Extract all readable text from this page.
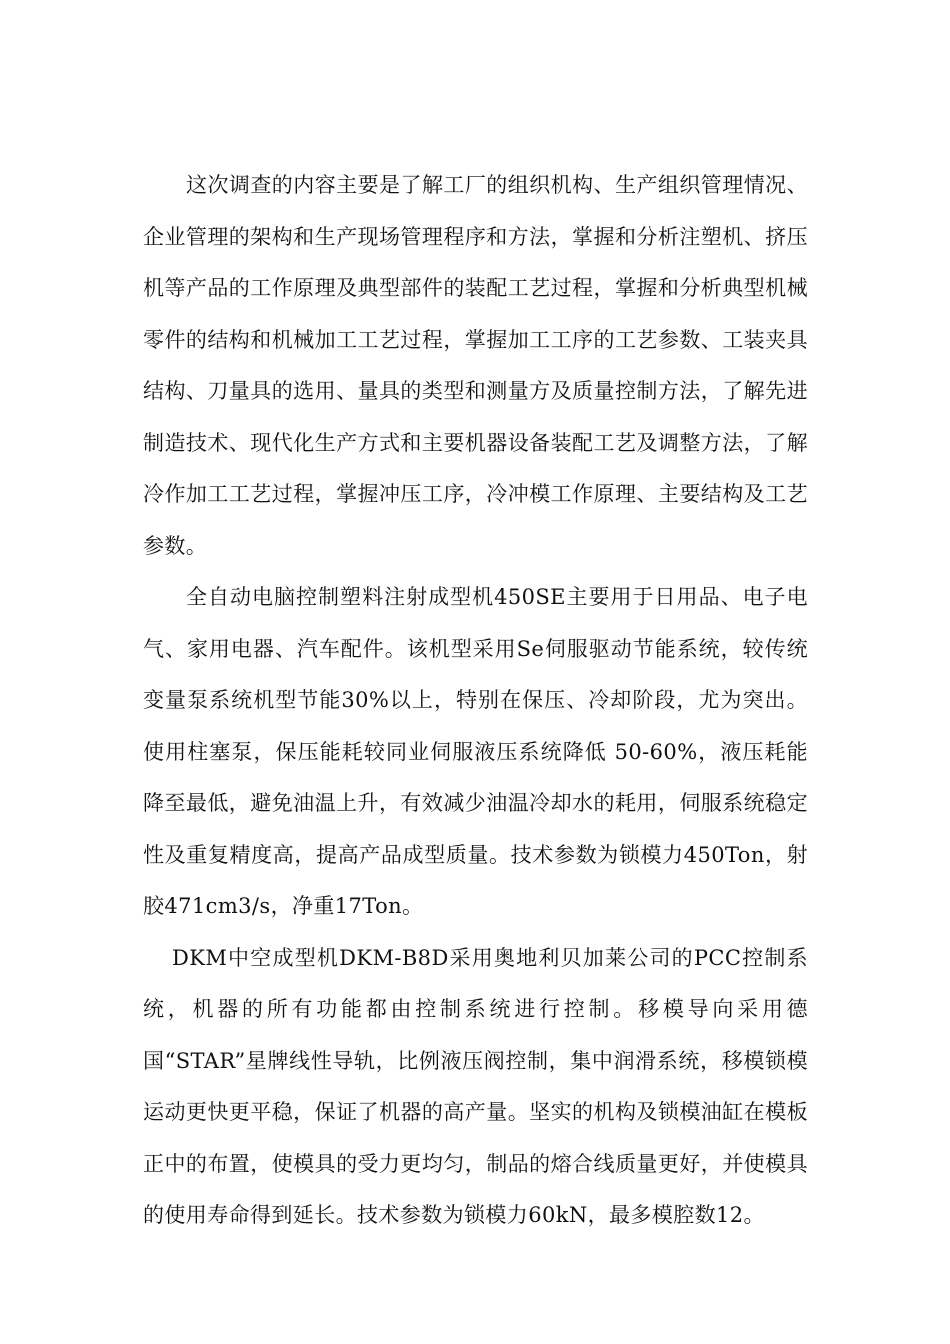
这次调查的内容主要是了解工厂的组织机构、生产组织管理情况、企业管理的架构和生产现场管理程序和方法，掌握和分析注塑机、挤压机等产品的工作原理及典型部件的装配工艺过程，掌握和分析典型机械零件的结构和机械加工工艺过程，掌握加工工序的工艺参数、工装夹具结构、刀量具的选用、量具的类型和测量方及质量控制方法，了解先进制造技术、现代化生产方式和主要机器设备装配工艺及调整方法，了解冷作加工工艺过程，掌握冲压工序，冷冲模工作原理、主要结构及工艺参数。

全自动电脑控制塑料注射成型机450SE主要用于日用品、电子电气、家用电器、汽车配件。该机型采用Se伺服驱动节能系统，较传统变量泵系统机型节能30%以上，特别在保压、冷却阶段，尤为突出。使用柱塞泵，保压能耗较同业伺服液压系统降低 50-60%，液压耗能降至最低，避免油温上升，有效减少油温冷却水的耗用，伺服系统稳定性及重复精度高，提高产品成型质量。技术参数为锁模力450Ton，射胶471cm3/s，净重17Ton。

DKM中空成型机DKM-B8D采用奥地利贝加莱公司的PCC控制系统，机器的所有功能都由控制系统进行控制。移模导向采用德国“STAR”星牌线性导轨，比例液压阀控制，集中润滑系统，移模锁模运动更快更平稳，保证了机器的高产量。坚实的机构及锁模油缸在模板正中的布置，使模具的受力更均匀，制品的熔合线质量更好，并使模具的使用寿命得到延长。技术参数为锁模力60kN，最多模腔数12。
